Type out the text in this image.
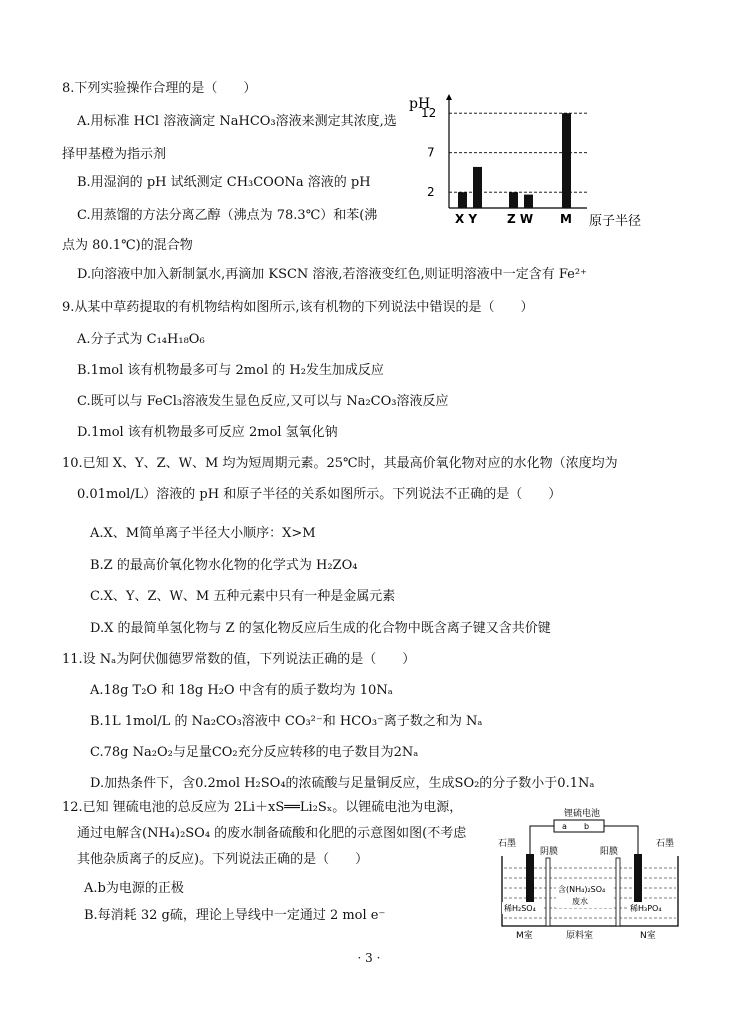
8.下列实验操作合理的是（　　）
A.用标准 HCl 溶液滴定 NaHCO₃溶液来测定其浓度,选
择甲基橙为指示剂
B.用湿润的 pH 试纸测定 CH₃COONa 溶液的 pH
C.用蒸馏的方法分离乙醇（沸点为 78.3℃）和苯(沸
点为 80.1℃)的混合物
D.向溶液中加入新制氯水,再滴加 KSCN 溶液,若溶液变红色,则证明溶液中一定含有 Fe²⁺
pH
2
7
12
X Y Z W M 原子半径
9.从某中草药提取的有机物结构如图所示,该有机物的下列说法中错误的是（　　）
A.分子式为 C₁₄H₁₈O₆
B.1mol 该有机物最多可与 2mol 的 H₂发生加成反应
C.既可以与 FeCl₃溶液发生显色反应,又可以与 Na₂CO₃溶液反应
D.1mol 该有机物最多可反应 2mol 氢氧化钠
10.已知 X、Y、Z、W、M 均为短周期元素。25℃时，其最高价氧化物对应的水化物（浓度均为
0.01mol/L）溶液的 pH 和原子半径的关系如图所示。下列说法不正确的是（　　）
A.X、M简单离子半径大小顺序：X>M
B.Z 的最高价氧化物水化物的化学式为 H₂ZO₄
C.X、Y、Z、W、M 五种元素中只有一种是金属元素
D.X 的最简单氢化物与 Z 的氢化物反应后生成的化合物中既含离子键又含共价键
11.设 Nₐ为阿伏伽德罗常数的值，下列说法正确的是（　　）
A.18g T₂O 和 18g H₂O 中含有的质子数均为 10Nₐ
B.1L 1mol/L 的 Na₂CO₃溶液中 CO₃²⁻和 HCO₃⁻离子数之和为 Nₐ
C.78g Na₂O₂与足量CO₂充分反应转移的电子数目为2Nₐ
D.加热条件下，含0.2mol H₂SO₄的浓硫酸与足量铜反应，生成SO₂的分子数小于0.1Nₐ
12.已知 锂硫电池的总反应为 2Li＋xS══Li₂Sₓ。以锂硫电池为电源，
通过电解含(NH₄)₂SO₄ 的废水制备硫酸和化肥的示意图如图(不考虑
其他杂质离子的反应)。下列说法正确的是（　　）
A.b为电源的正极
B.每消耗 32 g硫，理论上导线中一定通过 2 mol e⁻
锂硫电池
a b
石墨	石墨
阴膜	阳膜
稀H₂SO₄
含(NH₄)₂SO₄
废水
稀H₃PO₄
M室	原料室	N室
· 3 ·
